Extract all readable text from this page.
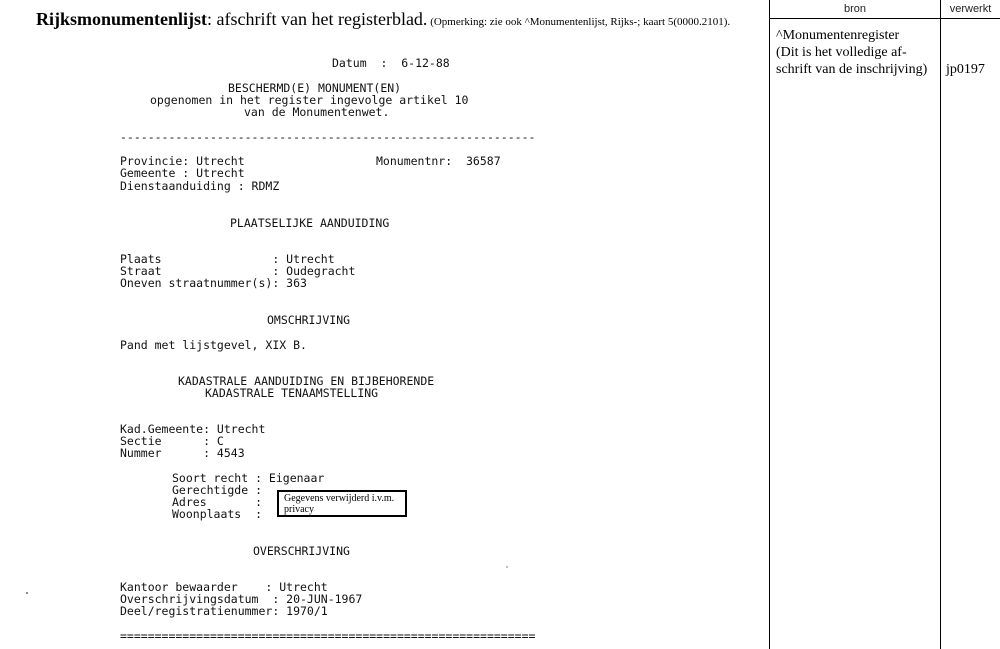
Rijksmonumentenlijst: afschrift van het registerblad. (Opmerking: zie ook ^Monumentenlijst, Rijks-; kaart 5(0000.2101).
bron	verwerkt
^Monumentenregister
(Dit is het volledige af-
schrift van de inschrijving)	jp0197

Datum  :  6-12-88

BESCHERMD(E) MONUMENT(EN)

opgenomen in het register ingevolge artikel 10

van de Monumentenwet.

------------------------------------------------------------

Provincie: Utrecht

	Monumentnr:  36587

Gemeente : Utrecht

Dienstaanduiding : RDMZ

PLAATSELIJKE AANDUIDING

Plaats                : Utrecht

Straat                : Oudegracht

Oneven straatnummer(s): 363

OMSCHRIJVING

Pand met lijstgevel, XIX B.

KADASTRALE AANDUIDING EN BIJBEHORENDE

KADASTRALE TENAAMSTELLING

Kad.Gemeente: Utrecht

Sectie      : C

Nummer      : 4543

Soort recht : Eigenaar

Gerechtigde :

Adres       :

Woonplaats  :

OVERSCHRIJVING

Kantoor bewaarder    : Utrecht

Overschrijvingsdatum  : 20-JUN-1967

Deel/registratienummer: 1970/1

============================================================

Gegevens verwijderd i.v.m.
privacy
